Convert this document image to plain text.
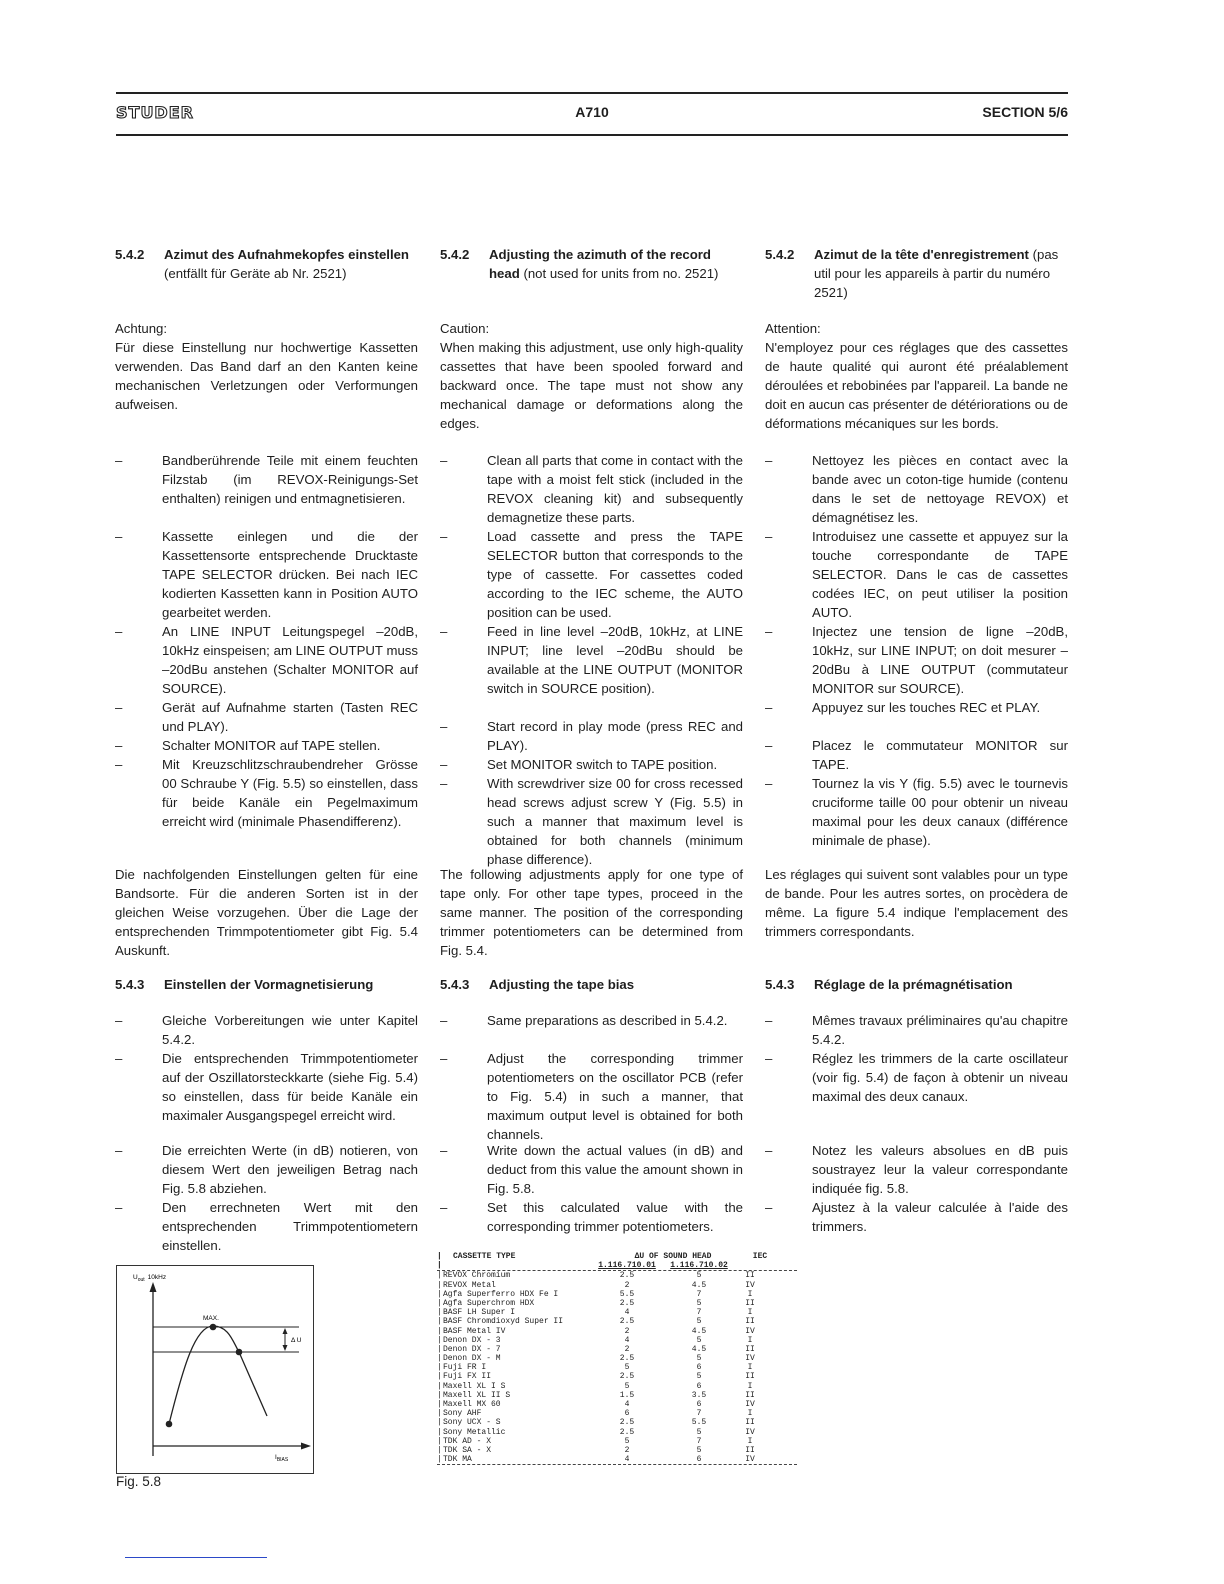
STUDER	A710	SECTION 5/6
5.4.2	Azimut des Aufnahmekopfes einstellen
(entfällt für Geräte ab Nr. 2521)
Achtung:
Für diese Einstellung nur hochwertige Kassetten verwenden. Das Band darf an den Kanten keine mechanischen Verletzungen oder Verformungen aufweisen.
–	Bandberührende Teile mit einem feuchten Filzstab (im REVOX-Reinigungs-Set enthalten) reinigen und entmagnetisieren.
–	Kassette einlegen und die der Kassettensorte entsprechende Drucktaste TAPE SELECTOR drücken. Bei nach IEC kodierten Kassetten kann in Position AUTO gearbeitet werden.
–	An LINE INPUT Leitungspegel –20dB, 10kHz einspeisen; am LINE OUTPUT muss –20dBu anstehen (Schalter MONITOR auf SOURCE).
–	Gerät auf Aufnahme starten (Tasten REC und PLAY).
–	Schalter MONITOR auf TAPE stellen.
–	Mit Kreuzschlitzschraubendreher Grösse 00 Schraube Y (Fig. 5.5) so einstellen, dass für beide Kanäle ein Pegelmaximum erreicht wird (minimale Phasendifferenz).
Die nachfolgenden Einstellungen gelten für eine Bandsorte. Für die anderen Sorten ist in der gleichen Weise vorzugehen. Über die Lage der entsprechenden Trimmpotentiometer gibt Fig. 5.4 Auskunft.
5.4.3	Einstellen der Vormagnetisierung
–	Gleiche Vorbereitungen wie unter Kapitel 5.4.2.
–	Die entsprechenden Trimmpotentiometer auf der Oszillatorsteckkarte (siehe Fig. 5.4) so einstellen, dass für beide Kanäle ein maximaler Ausgangspegel erreicht wird.
–	Die erreichten Werte (in dB) notieren, von diesem Wert den jeweiligen Betrag nach Fig. 5.8 abziehen.
–	Den errechneten Wert mit den entsprechenden Trimmpotentiometern einstellen.
5.4.2	Adjusting the azimuth of the record head (not used for units from no. 2521)
Caution:
When making this adjustment, use only high-quality cassettes that have been spooled forward and backward once. The tape must not show any mechanical damage or deformations along the edges.
–	Clean all parts that come in contact with the tape with a moist felt stick (included in the REVOX cleaning kit) and subsequently demagnetize these parts.
–	Load cassette and press the TAPE SELECTOR button that corresponds to the type of cassette. For cassettes coded according to the IEC scheme, the AUTO position can be used.
–	Feed in line level –20dB, 10kHz, at LINE INPUT; line level –20dBu should be available at the LINE OUTPUT (MONITOR switch in SOURCE position).
–	Start record in play mode (press REC and PLAY).
–	Set MONITOR switch to TAPE position.
–	With screwdriver size 00 for cross recessed head screws adjust screw Y (Fig. 5.5) in such a manner that maximum level is obtained for both channels (minimum phase difference).
The following adjustments apply for one type of tape only. For other tape types, proceed in the same manner. The position of the corresponding trimmer potentiometers can be determined from Fig. 5.4.
5.4.3	Adjusting the tape bias
–	Same preparations as described in 5.4.2.
–	Adjust the corresponding trimmer potentiometers on the oscillator PCB (refer to Fig. 5.4) in such a manner, that maximum output level is obtained for both channels.
–	Write down the actual values (in dB) and deduct from this value the amount shown in Fig. 5.8.
–	Set this calculated value with the corresponding trimmer potentiometers.
5.4.2	Azimut de la tête d'enregistrement (pas util pour les appareils à partir du numéro 2521)
Attention:
N'employez pour ces réglages que des cassettes de haute qualité qui auront été préalablement déroulées et rebobinées par l'appareil. La bande ne doit en aucun cas présenter de détériorations ou de déformations mécaniques sur les bords.
–	Nettoyez les pièces en contact avec la bande avec un coton-tige humide (contenu dans le set de nettoyage REVOX) et démagnétisez les.
–	Introduisez une cassette et appuyez sur la touche correspondante de TAPE SELECTOR. Dans le cas de cassettes codées IEC, on peut utiliser la position AUTO.
–	Injectez une tension de ligne –20dB, 10kHz, sur LINE INPUT; on doit mesurer –20dBu à LINE OUTPUT (commutateur MONITOR sur SOURCE).
–	Appuyez sur les touches REC et PLAY.
–	Placez le commutateur MONITOR sur TAPE.
–	Tournez la vis Y (fig. 5.5) avec le tournevis cruciforme taille 00 pour obtenir un niveau maximal pour les deux canaux (différence minimale de phase).
Les réglages qui suivent sont valables pour un type de bande. Pour les autres sortes, on procèdera de même. La figure 5.4 indique l'emplacement des trimmers correspondants.
5.4.3	Réglage de la prémagnétisation
–	Mêmes travaux préliminaires qu'au chapitre 5.4.2.
–	Réglez les trimmers de la carte oscillateur (voir fig. 5.4) de façon à obtenir un niveau maximal des deux canaux.
–	Notez les valeurs absolues en dB puis soustrayez leur la valeur correspondante indiquée fig. 5.8.
–	Ajustez à la valeur calculée à l'aide des trimmers.
$U_{out}$ 10kHz
MAX.
Δ U
$I_{BIAS}$
Fig. 5.8
|	CASSETTE TYPE	ΔU OF SOUND HEAD	IEC
|	1.116.710.01	1.116.710.02
| REVOX Chromium	2.5	5	II
| REVOX Metal	2	4.5	IV
| Agfa Superferro HDX Fe I	5.5	7	I
| Agfa Superchrom HDX	2.5	5	II
| BASF LH Super I	4	7	I
| BASF Chromdioxyd Super II	2.5	5	II
| BASF Metal IV	2	4.5	IV
| Denon DX - 3	4	5	I
| Denon DX - 7	2	4.5	II
| Denon DX - M	2.5	5	IV
| Fuji FR I	5	6	I
| Fuji FX II	2.5	5	II
| Maxell XL I S	5	6	I
| Maxell XL II S	1.5	3.5	II
| Maxell MX 60	4	6	IV
| Sony AHF	6	7	I
| Sony UCX - S	2.5	5.5	II
| Sony Metallic	2.5	5	IV
| TDK AD - X	5	7	I
| TDK SA - X	2	5	II
| TDK MA	4	6	IV
